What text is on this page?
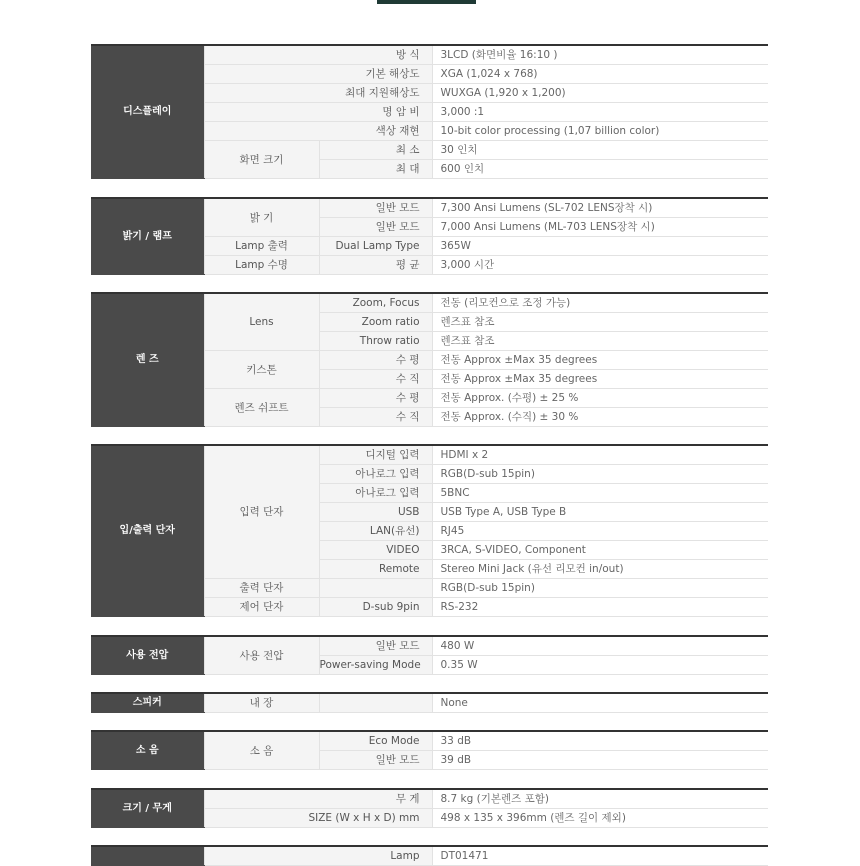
디스플레이	방 식		3LCD (화면비율 16:10 )
	기본 해상도		XGA (1,024 x 768)
	최대 지원해상도		WUXGA (1,920 x 1,200)
	명 암 비		3,000 :1
	색상 재현		10-bit color processing (1,07 billion color)
	화면 크기	최 소	30 인치
		최 대	600 인치
밝기 / 램프	밝 기	일반 모드	7,300 Ansi Lumens (SL-702 LENS장착 시)
		일반 모드	7,000 Ansi Lumens (ML-703 LENS장착 시)
	Lamp 출력	Dual Lamp Type	365W
	Lamp 수명	평 균	3,000 시간
렌 즈	Lens	Zoom, Focus	전동 (리모컨으로 조정 가능)
		Zoom ratio	렌즈표 참조
		Throw ratio	렌즈표 참조
	키스톤	수 평	전동 Approx ±Max 35 degrees
		수 직	전동 Approx ±Max 35 degrees
	렌즈 쉬프트	수 평	전동 Approx. (수평) ± 25 %
		수 직	전동 Approx. (수직) ± 30 %
입/출력 단자	입력 단자	디지털 입력	HDMI x 2
		아나로그 입력	RGB(D-sub 15pin)
		아나로그 입력	5BNC
		USB	USB Type A, USB Type B
		LAN(유선)	RJ45
		VIDEO	3RCA, S-VIDEO, Component
		Remote	Stereo Mini Jack (유선 리모컨 in/out)
	출력 단자		RGB(D-sub 15pin)
	제어 단자	D-sub 9pin	RS-232
사용 전압	사용 전압	일반 모드	480 W
		Power-saving Mode	0.35 W
스피커	내 장		None
소 음	소 음	Eco Mode	33 dB
		일반 모드	39 dB
크기 / 무게	무 게	8.7 kg (기본렌즈 포함)
	SIZE (W x H x D) mm	498 x 135 x 396mm (렌즈 길이 제외)
	Lamp	DT01471
